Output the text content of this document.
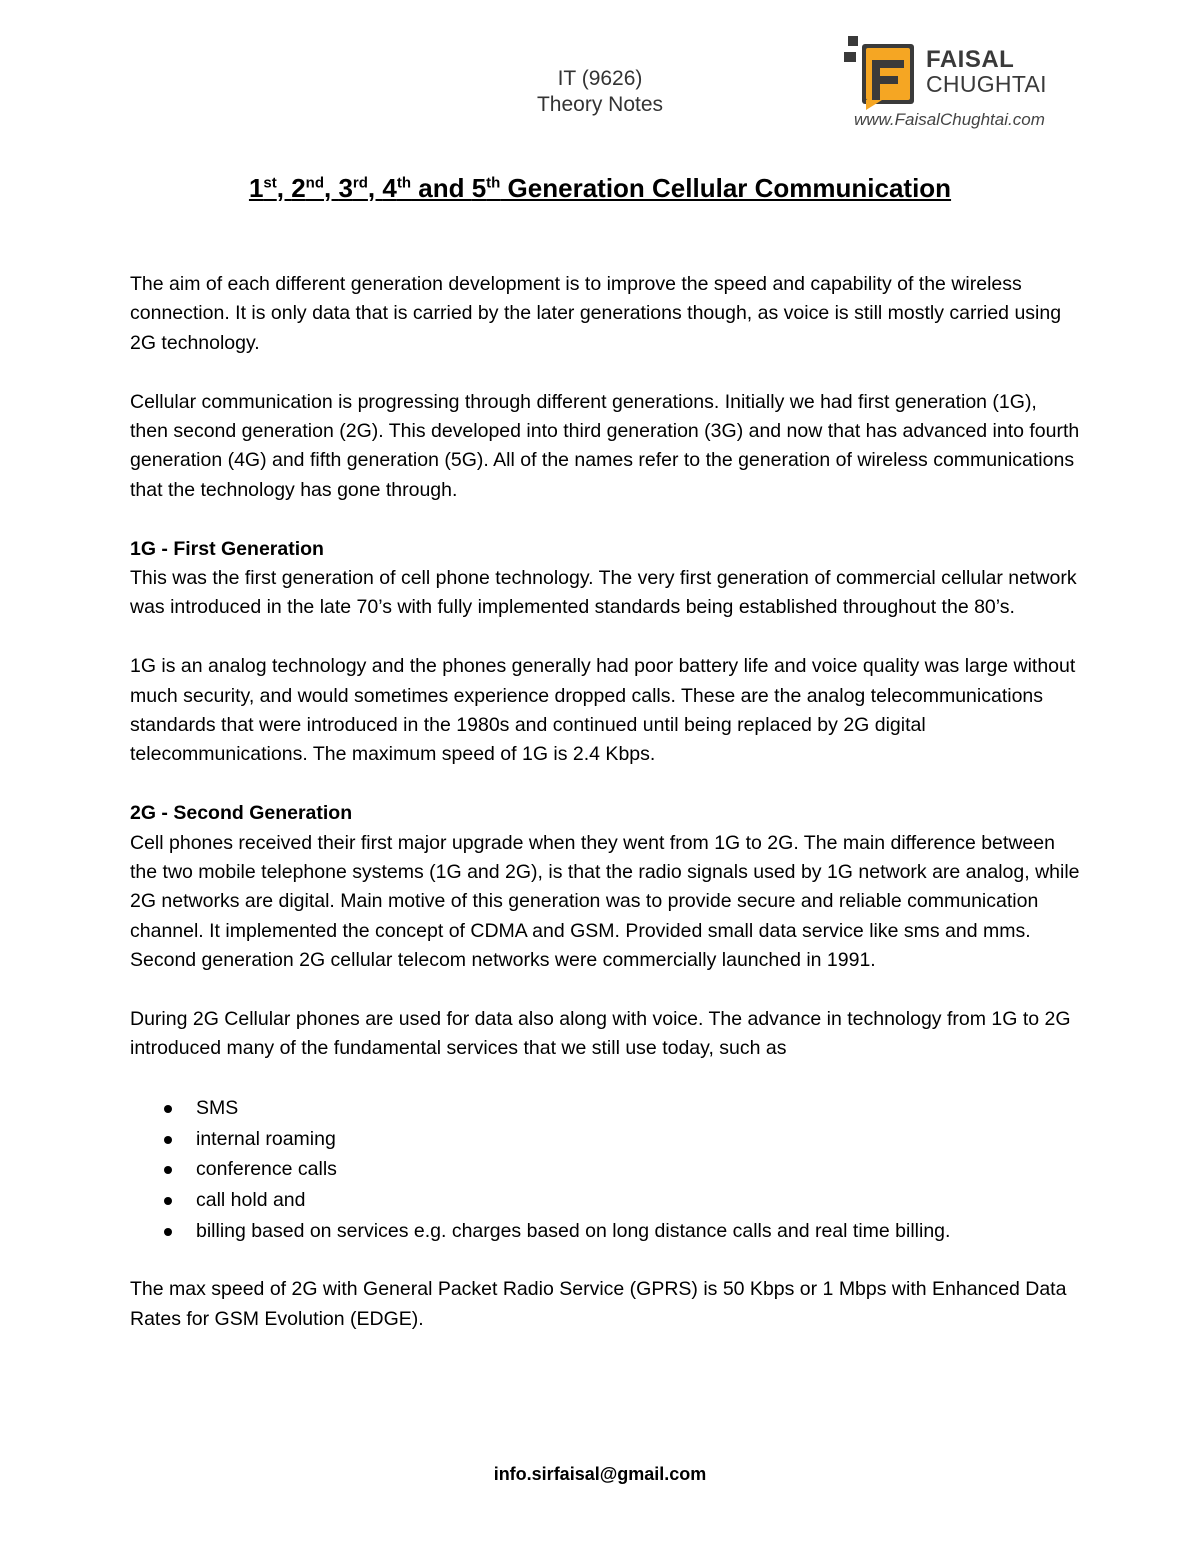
IT (9626)
Theory Notes
FAISAL
CHUGHTAI
www.FaisalChughtai.com
1st, 2nd, 3rd, 4th and 5th Generation Cellular Communication

The aim of each different generation development is to improve the speed and capability of the wireless connection. It is only data that is carried by the later generations though, as voice is still mostly carried using 2G technology.

Cellular communication is progressing through different generations. Initially we had first generation (1G), then second generation (2G). This developed into third generation (3G) and now that has advanced into fourth generation (4G) and fifth generation (5G). All of the names refer to the generation of wireless communications that the technology has gone through.

1G - First Generation

This was the first generation of cell phone technology. The very first generation of commercial cellular network was introduced in the late 70’s with fully implemented standards being established throughout the 80’s.

1G is an analog technology and the phones generally had poor battery life and voice quality was large without much security, and would sometimes experience dropped calls. These are the analog telecommunications standards that were introduced in the 1980s and continued until being replaced by 2G digital telecommunications. The maximum speed of 1G is 2.4 Kbps.

2G - Second Generation

Cell phones received their first major upgrade when they went from 1G to 2G. The main difference between the two mobile telephone systems (1G and 2G), is that the radio signals used by 1G network are analog, while 2G networks are digital. Main motive of this generation was to provide secure and reliable communication channel. It implemented the concept of CDMA and GSM. Provided small data service like sms and mms. Second generation 2G cellular telecom networks were commercially launched in 1991.

During 2G Cellular phones are used for data also along with voice. The advance in technology from 1G to 2G introduced many of the fundamental services that we still use today, such as

SMS
internal roaming
conference calls
call hold and
billing based on services e.g. charges based on long distance calls and real time billing.

The max speed of 2G with General Packet Radio Service (GPRS) is 50 Kbps or 1 Mbps with Enhanced Data Rates for GSM Evolution (EDGE).

info.sirfaisal@gmail.com
